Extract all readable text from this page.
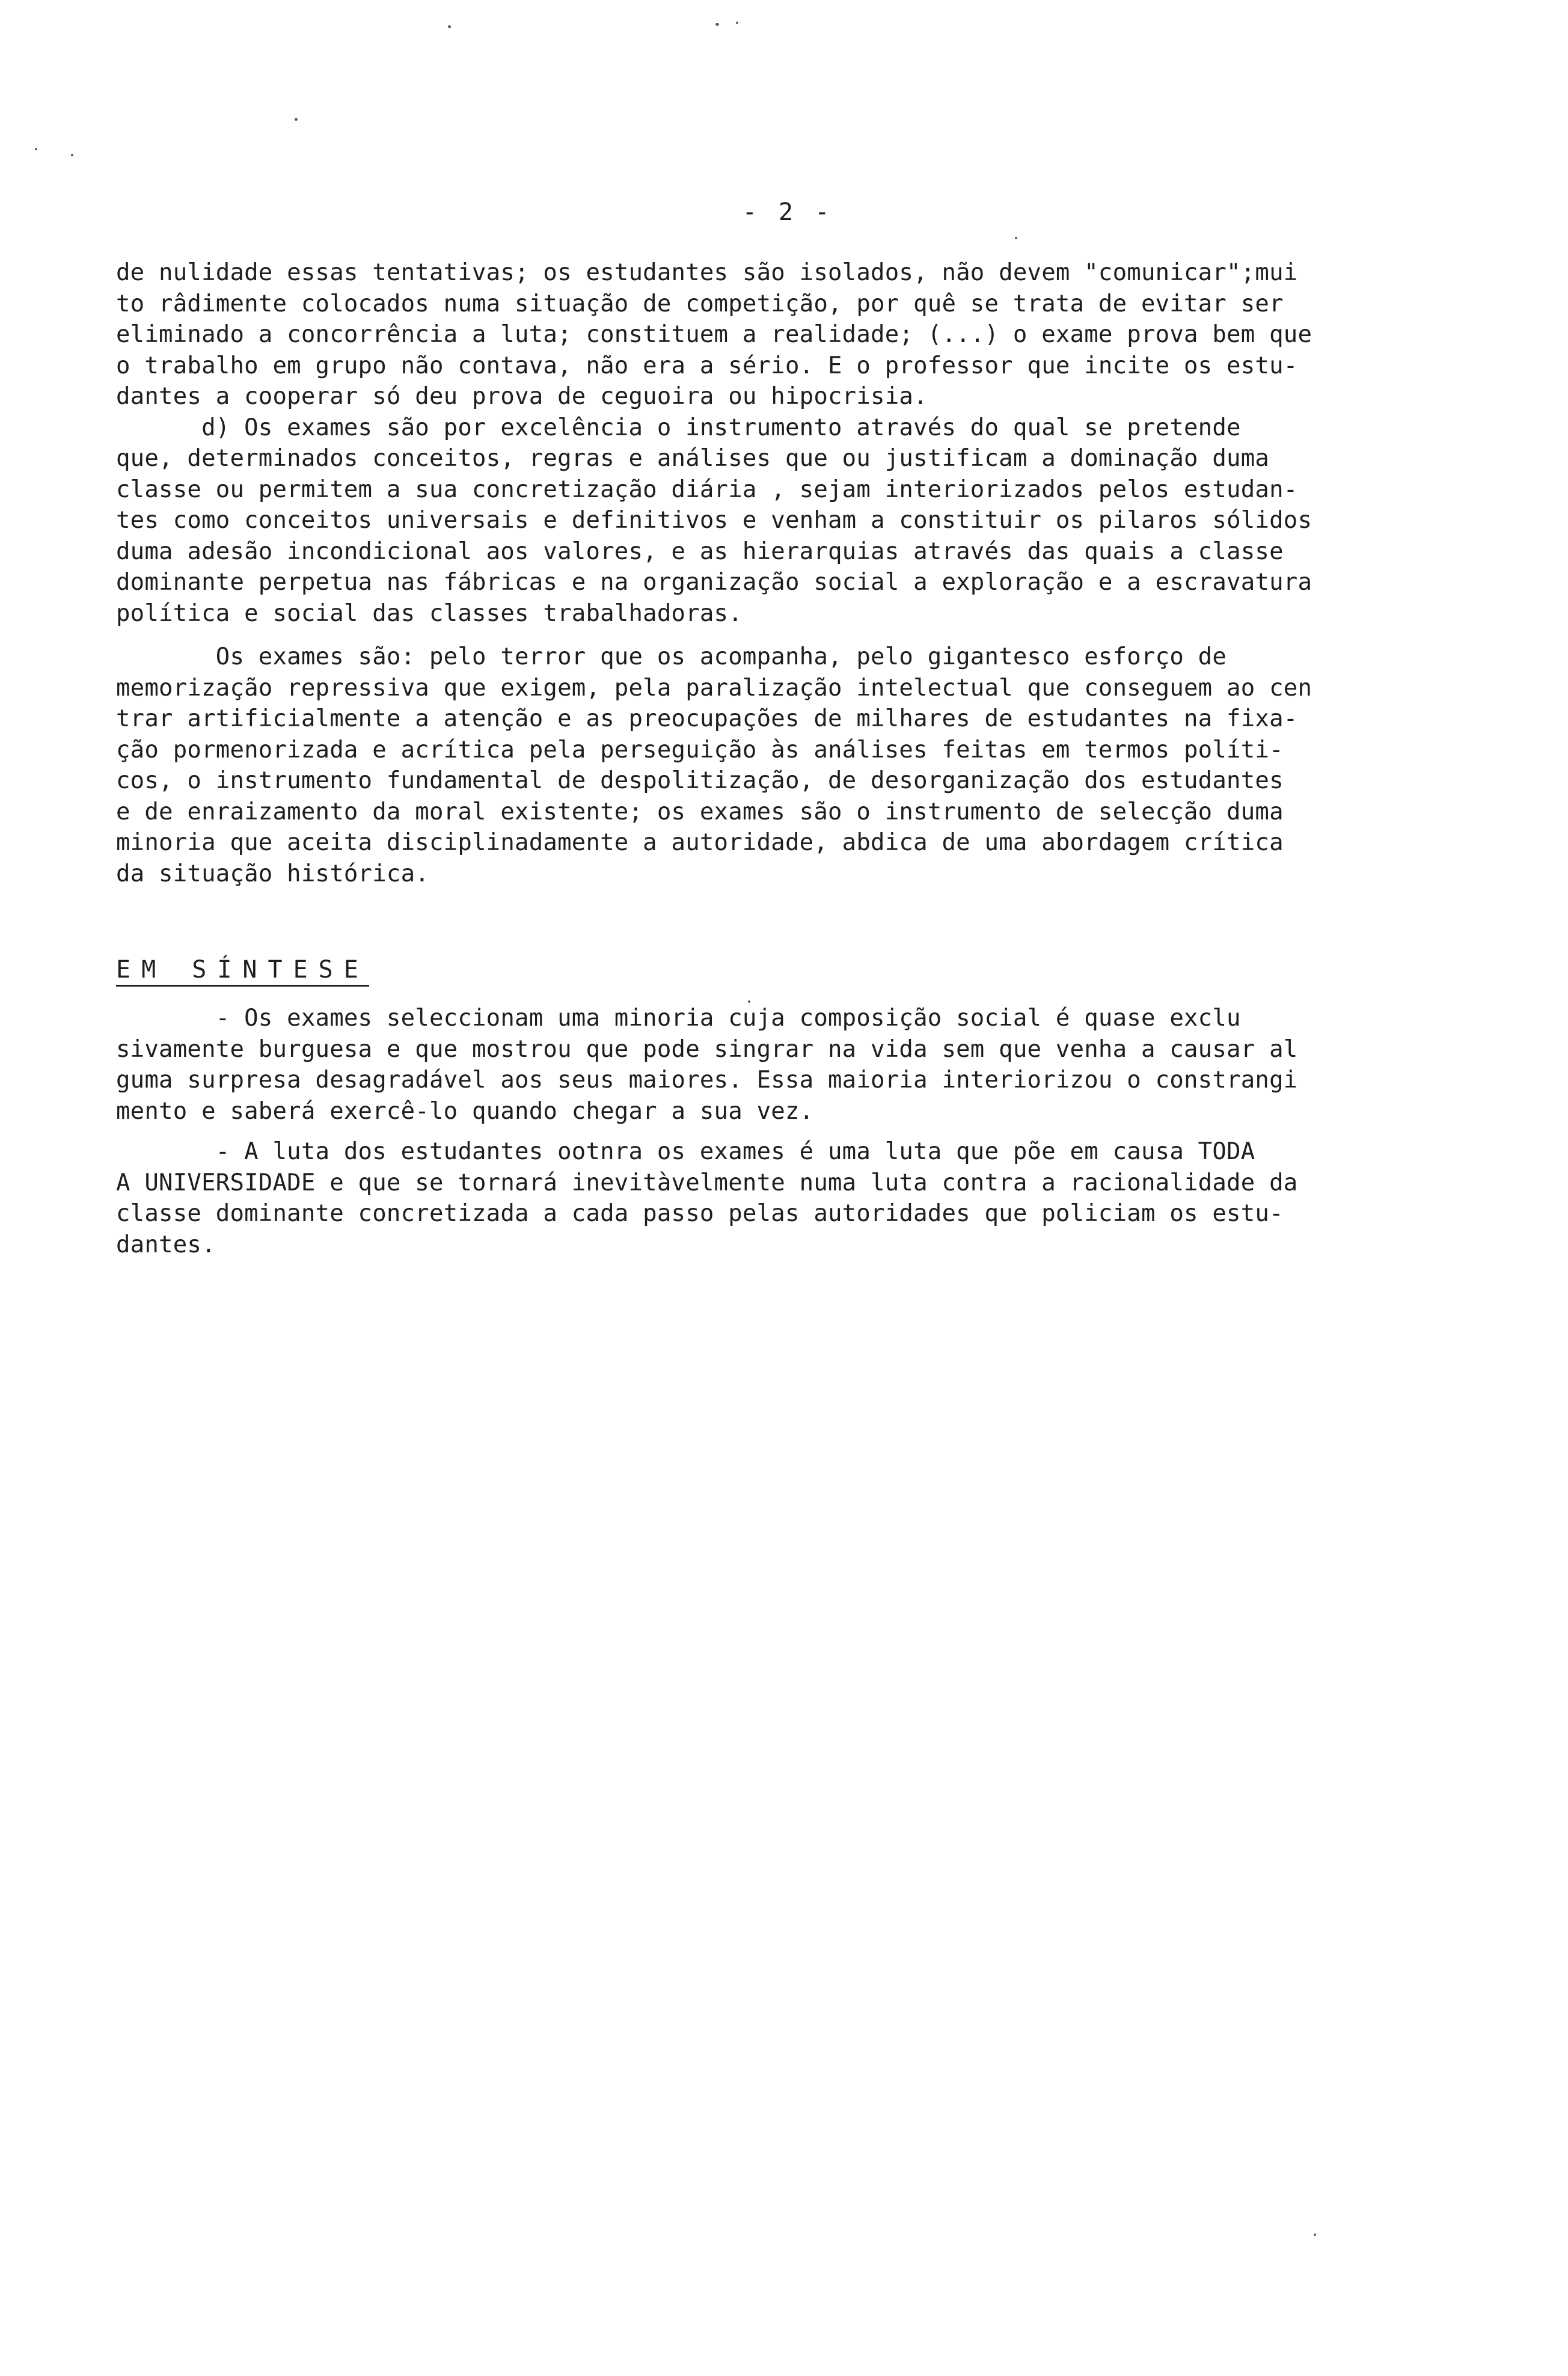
- 2 -

de nulidade essas tentativas; os estudantes são isolados, não devem "comunicar";mui
to râdimente colocados numa situação de competição, por quê se trata de evitar ser
eliminado a concorrência a luta; constituem a realidade; (...) o exame prova bem que
o trabalho em grupo não contava, não era a sério. E o professor que incite os estu-
dantes a cooperar só deu prova de ceguoira ou hipocrisia.
d) Os exames são por excelência o instrumento através do qual se pretende
que, determinados conceitos, regras e análises que ou justificam a dominação duma
classe ou permitem a sua concretização diária , sejam interiorizados pelos estudan-
tes como conceitos universais e definitivos e venham a constituir os pilaros sólidos
duma adesão incondicional aos valores, e as hierarquias através das quais a classe
dominante perpetua nas fábricas e na organização social a exploração e a escravatura
política e social das classes trabalhadoras.

Os exames são: pelo terror que os acompanha, pelo gigantesco esforço de
memorização repressiva que exigem, pela paralização intelectual que conseguem ao cen
trar artificialmente a atenção e as preocupações de milhares de estudantes na fixa-
ção pormenorizada e acrítica pela perseguição às análises feitas em termos políti-
cos, o instrumento fundamental de despolitização, de desorganização dos estudantes
e de enraizamento da moral existente; os exames são o instrumento de selecção duma
minoria que aceita disciplinadamente a autoridade, abdica de uma abordagem crítica
da situação histórica.

EM SÍNTESE

- Os exames seleccionam uma minoria cuja composição social é quase exclu
sivamente burguesa e que mostrou que pode singrar na vida sem que venha a causar al
guma surpresa desagradável aos seus maiores. Essa maioria interiorizou o constrangi
mento e saberá exercê-lo quando chegar a sua vez.

- A luta dos estudantes ootnra os exames é uma luta que põe em causa TODA
A UNIVERSIDADE e que se tornará inevitàvelmente numa luta contra a racionalidade da
classe dominante concretizada a cada passo pelas autoridades que policiam os estu-
dantes.
